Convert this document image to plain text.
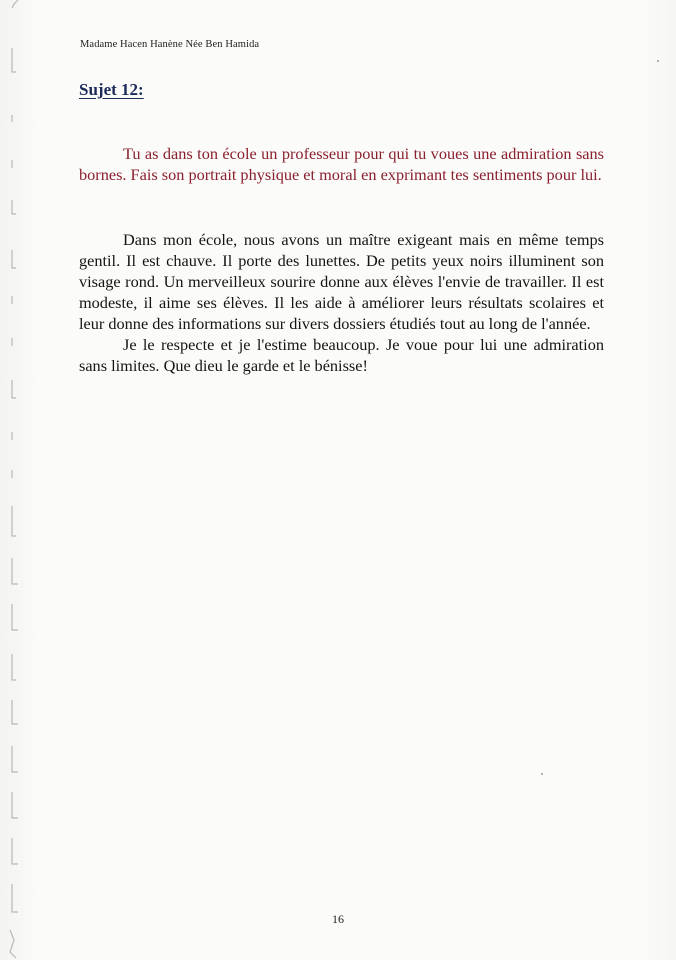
Madame Hacen Hanène Née Ben Hamida
Sujet 12:

Tu as dans ton école un professeur pour qui tu voues une admiration sans bornes. Fais son portrait physique et moral en exprimant tes sentiments pour lui.

Dans mon école, nous avons un maître exigeant mais en même temps gentil. Il est chauve. Il porte des lunettes. De petits yeux noirs illuminent son visage rond. Un merveilleux sourire donne aux élèves l'envie de travailler. Il est modeste, il aime ses élèves. Il les aide à améliorer leurs résultats scolaires et leur donne des informations sur divers dossiers étudiés tout au long de l'année.

Je le respecte et je l'estime beaucoup. Je voue pour lui une admiration sans limites. Que dieu le garde et le bénisse!

16
